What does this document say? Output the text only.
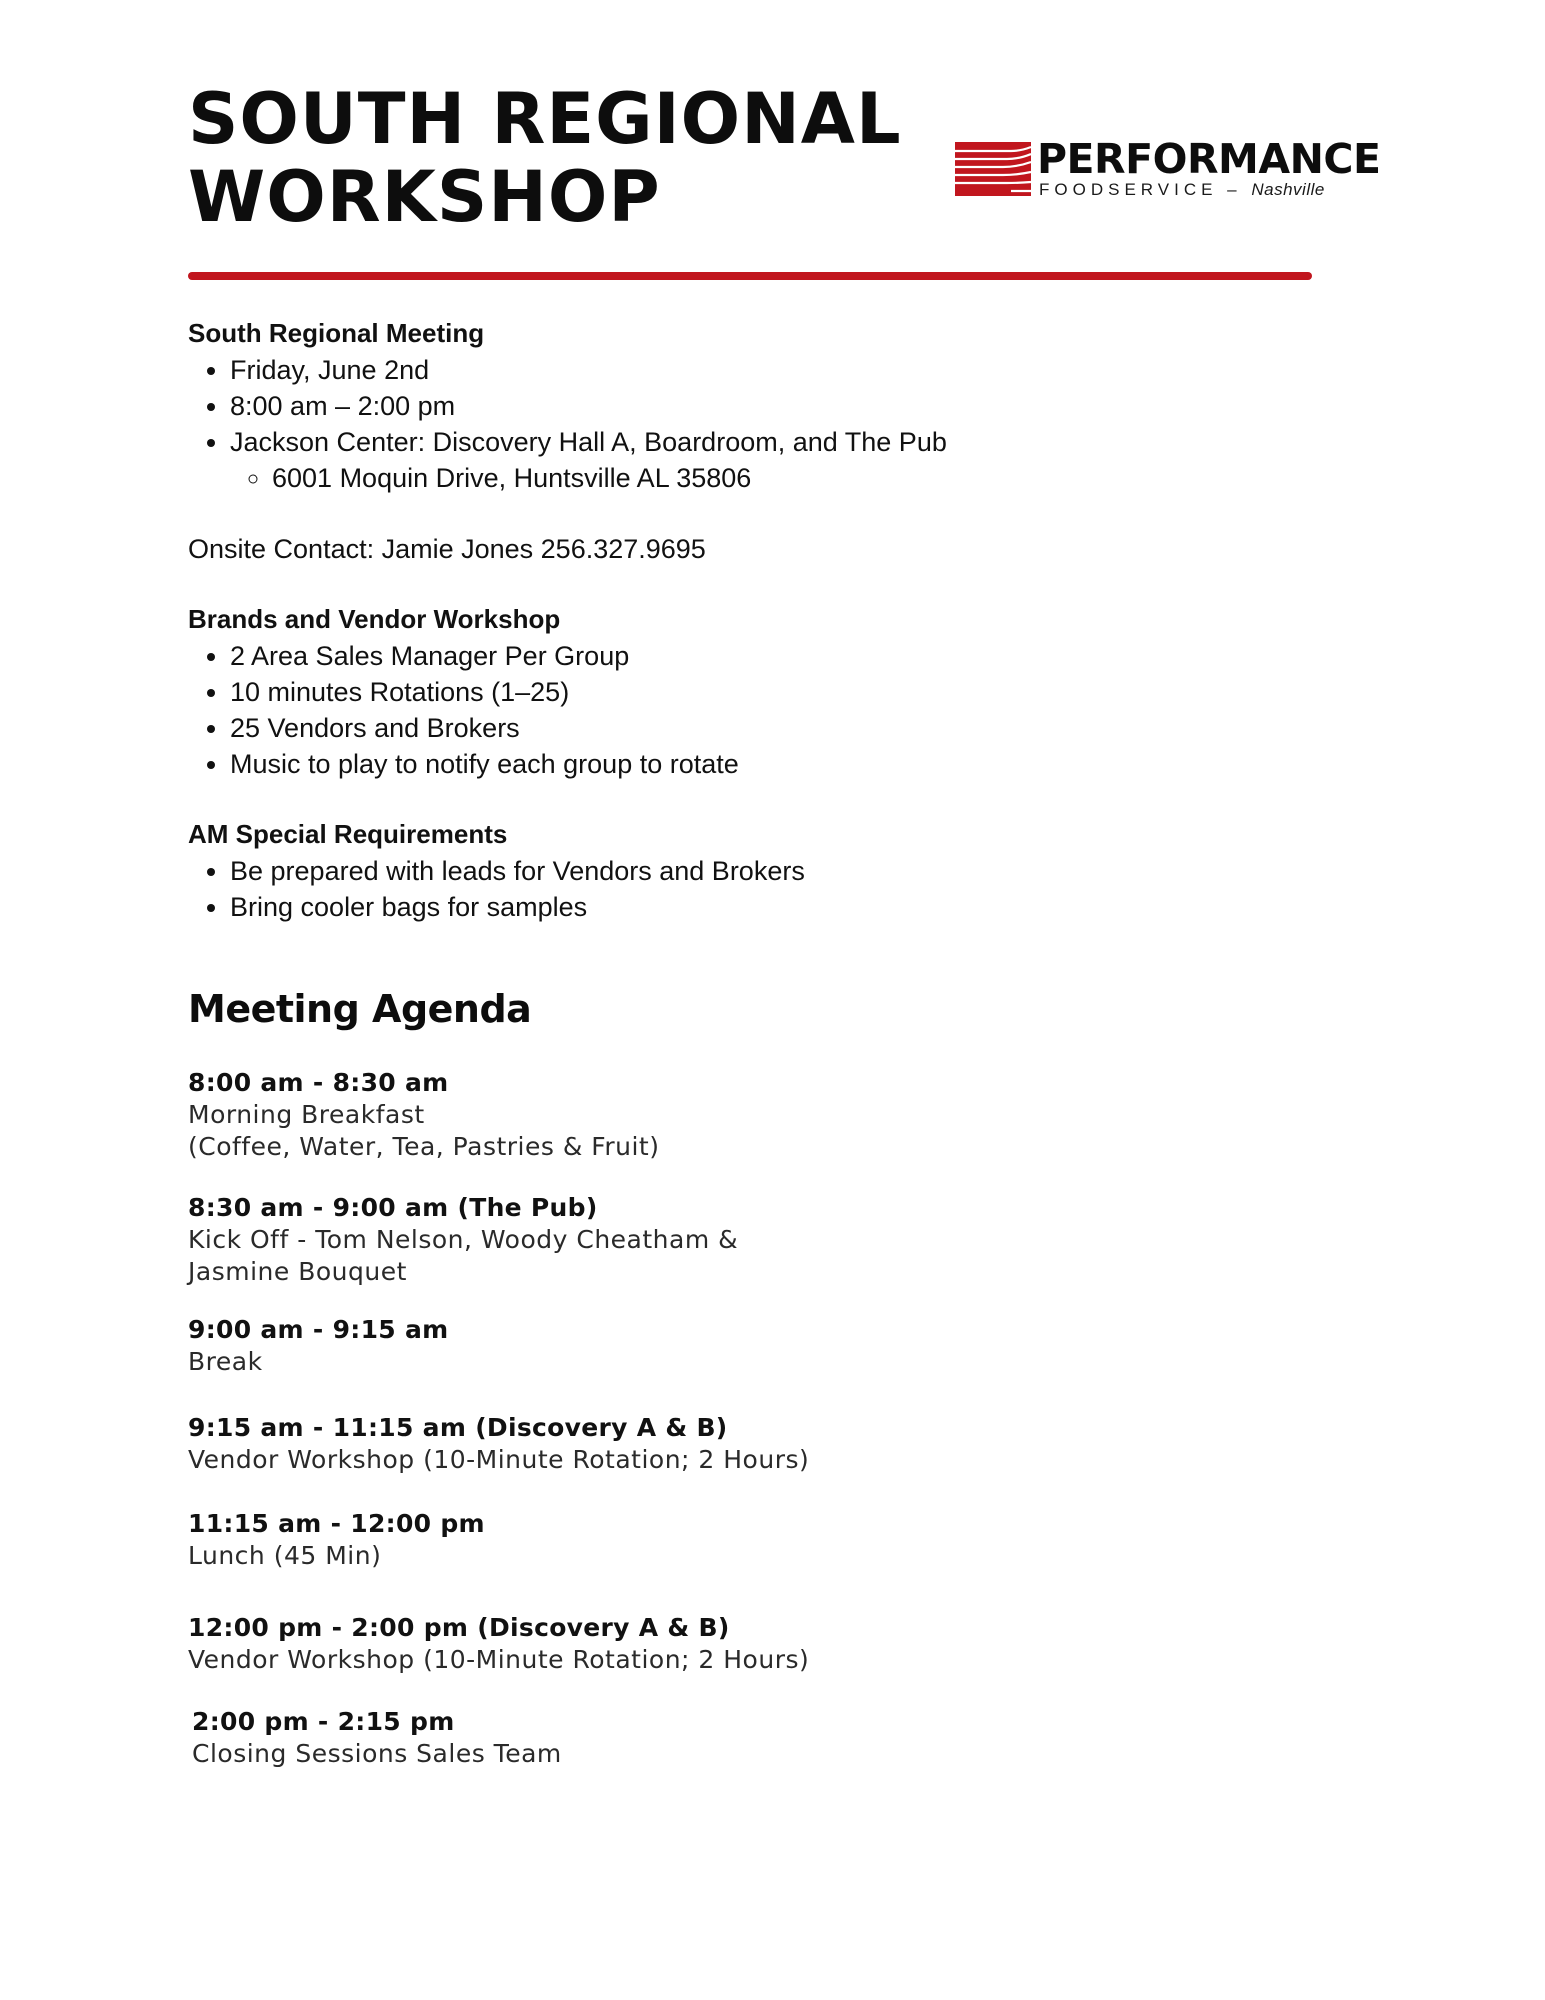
SOUTH REGIONAL
WORKSHOP	PERFORMANCE
FOODSERVICE – Nashville
South Regional Meeting
• Friday, June 2nd
• 8:00 am – 2:00 pm
• Jackson Center: Discovery Hall A, Boardroom, and The Pub
◦ 6001 Moquin Drive, Huntsville AL 35806

Onsite Contact: Jamie Jones 256.327.9695

Brands and Vendor Workshop
• 2 Area Sales Manager Per Group
• 10 minutes Rotations (1–25)
• 25 Vendors and Brokers
• Music to play to notify each group to rotate
AM Special Requirements
• Be prepared with leads for Vendors and Brokers
• Bring cooler bags for samples
Meeting Agenda
8:00 am - 8:30 am
Morning Breakfast
(Coffee, Water, Tea, Pastries & Fruit)
8:30 am - 9:00 am (The Pub)
Kick Off - Tom Nelson, Woody Cheatham &
Jasmine Bouquet
9:00 am - 9:15 am
Break
9:15 am - 11:15 am (Discovery A & B)
Vendor Workshop (10-Minute Rotation; 2 Hours)
11:15 am - 12:00 pm
Lunch (45 Min)
12:00 pm - 2:00 pm (Discovery A & B)
Vendor Workshop (10-Minute Rotation; 2 Hours)
2:00 pm - 2:15 pm
Closing Sessions Sales Team
